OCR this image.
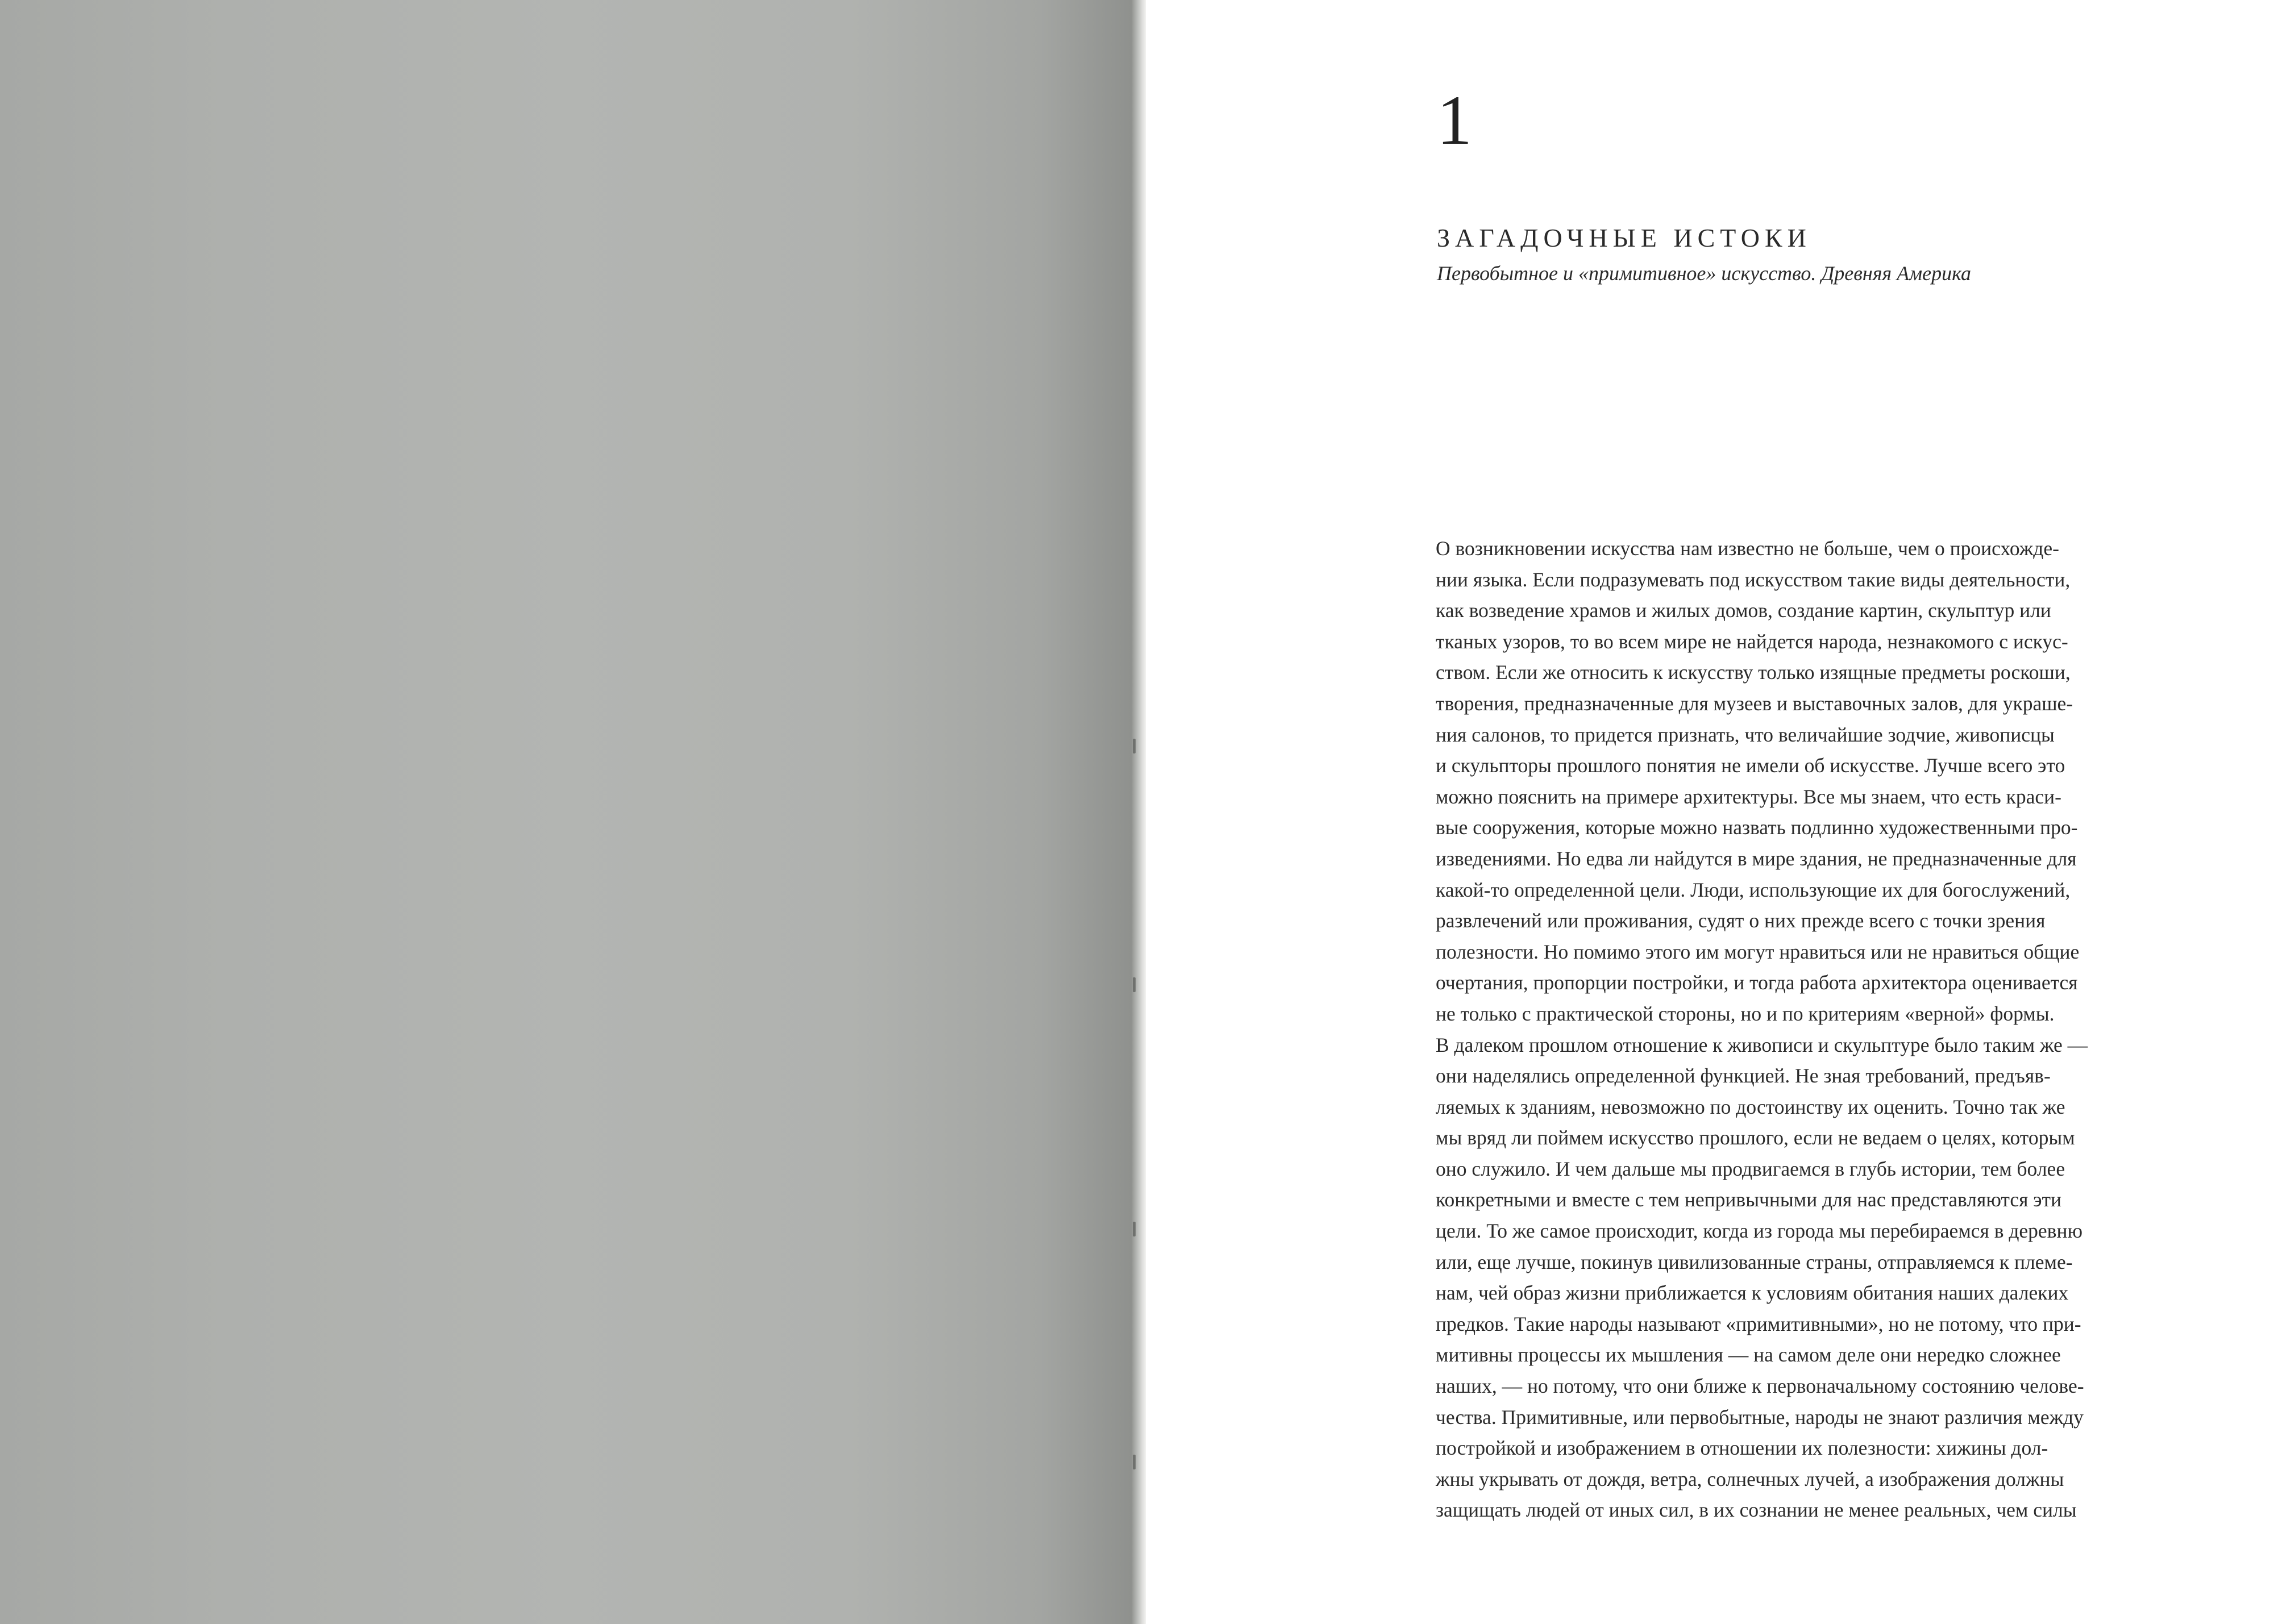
1
ЗАГАДОЧНЫЕ ИСТОКИ

Первобытное и «примитивное» искусство. Древняя Америка

О возникновении искусства нам известно не больше, чем о происхожде-
нии языка. Если подразумевать под искусством такие виды деятельности,
как возведение храмов и жилых домов, создание картин, скульптур или
тканых узоров, то во всем мире не найдется народа, незнакомого с искус-
ством. Если же относить к искусству только изящные предметы роскоши,
творения, предназначенные для музеев и выставочных залов, для украше-
ния салонов, то придется признать, что величайшие зодчие, живописцы
и скульпторы прошлого понятия не имели об искусстве. Лучше всего это
можно пояснить на примере архитектуры. Все мы знаем, что есть краси-
вые сооружения, которые можно назвать подлинно художественными про-
изведениями. Но едва ли найдутся в мире здания, не предназначенные для
какой-то определенной цели. Люди, использующие их для богослужений,
развлечений или проживания, судят о них прежде всего с точки зрения
полезности. Но помимо этого им могут нравиться или не нравиться общие
очертания, пропорции постройки, и тогда работа архитектора оценивается
не только с практической стороны, но и по критериям «верной» формы.
В далеком прошлом отношение к живописи и скульптуре было таким же —
они наделялись определенной функцией. Не зная требований, предъяв-
ляемых к зданиям, невозможно по достоинству их оценить. Точно так же
мы вряд ли поймем искусство прошлого, если не ведаем о целях, которым
оно служило. И чем дальше мы продвигаемся в глубь истории, тем более
конкретными и вместе с тем непривычными для нас представляются эти
цели. То же самое происходит, когда из города мы перебираемся в деревню
или, еще лучше, покинув цивилизованные страны, отправляемся к племе-
нам, чей образ жизни приближается к условиям обитания наших далеких
предков. Такие народы называют «примитивными», но не потому, что при-
митивны процессы их мышления — на самом деле они нередко сложнее
наших, — но потому, что они ближе к первоначальному состоянию челове-
чества. Примитивные, или первобытные, народы не знают различия между
постройкой и изображением в отношении их полезности: хижины дол-
жны укрывать от дождя, ветра, солнечных лучей, а изображения должны
защищать людей от иных сил, в их сознании не менее реальных, чем силы
